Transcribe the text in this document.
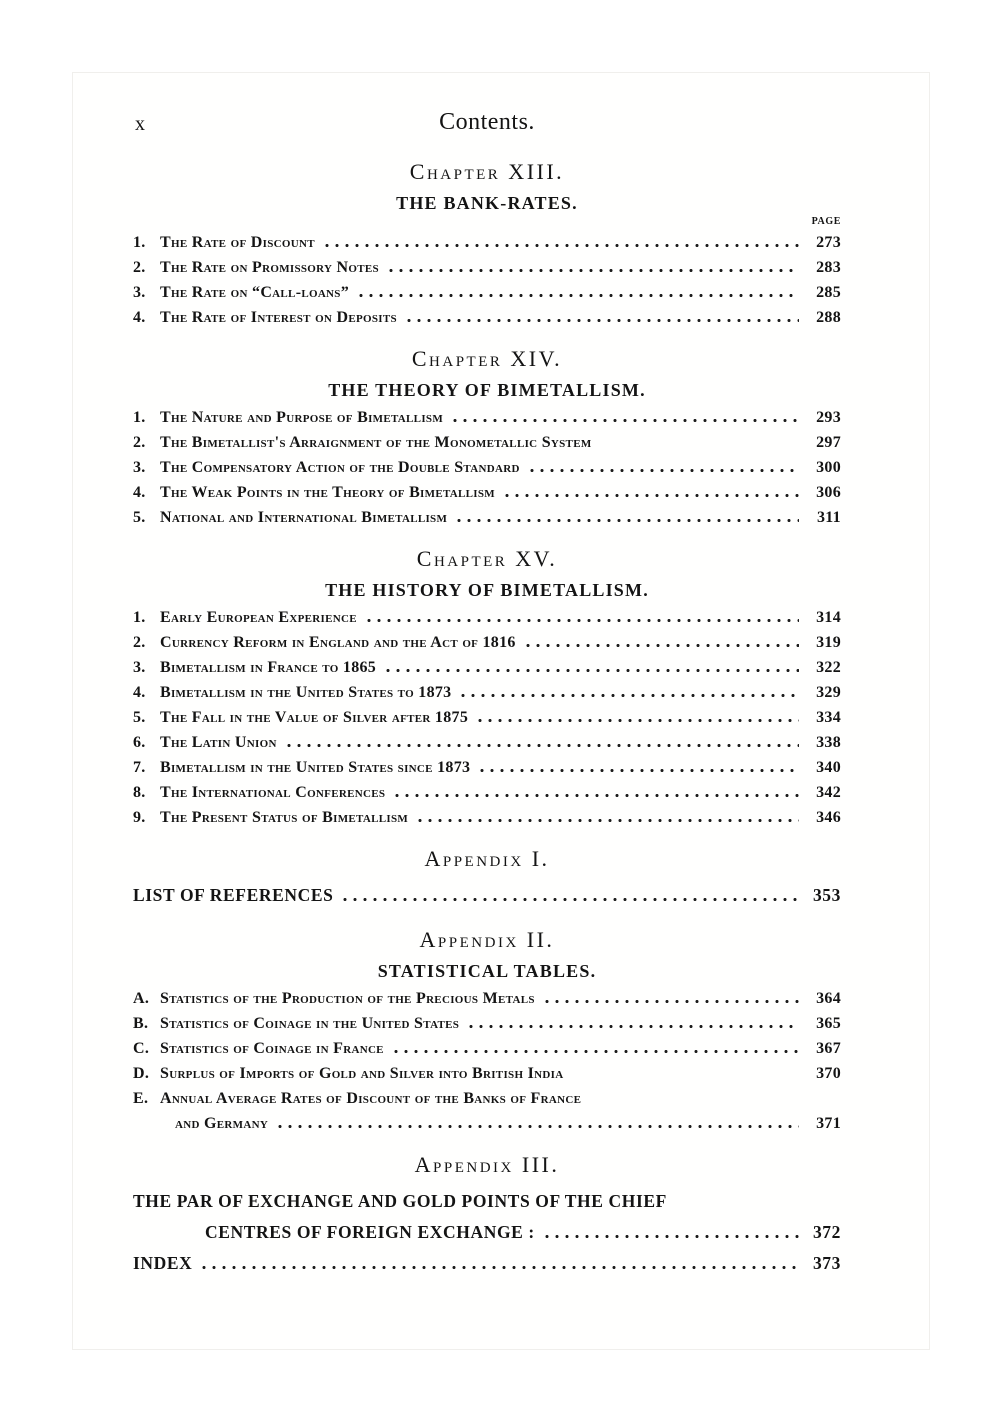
x	Contents.
Chapter XIII.
THE BANK-RATES.
PAGE
1. The Rate of Discount	273
2. The Rate on Promissory Notes	283
3. The Rate on “Call-loans”	285
4. The Rate of Interest on Deposits	288
Chapter XIV.
THE THEORY OF BIMETALLISM.
1. The Nature and Purpose of Bimetallism	293
2. The Bimetallist's Arraignment of the Monometallic System	297
3. The Compensatory Action of the Double Standard	300
4. The Weak Points in the Theory of Bimetallism	306
5. National and International Bimetallism	311
Chapter XV.
THE HISTORY OF BIMETALLISM.
1. Early European Experience	314
2. Currency Reform in England and the Act of 1816	319
3. Bimetallism in France to 1865	322
4. Bimetallism in the United States to 1873	329
5. The Fall in the Value of Silver after 1875	334
6. The Latin Union	338
7. Bimetallism in the United States since 1873	340
8. The International Conferences	342
9. The Present Status of Bimetallism	346
Appendix I.
LIST OF REFERENCES	353
Appendix II.
STATISTICAL TABLES.
A. Statistics of the Production of the Precious Metals	364
B. Statistics of Coinage in the United States	365
C. Statistics of Coinage in France	367
D. Surplus of Imports of Gold and Silver into British India	370
E. Annual Average Rates of Discount of the Banks of France
and Germany	371
Appendix III.
THE PAR OF EXCHANGE AND GOLD POINTS OF THE CHIEF
CENTRES OF FOREIGN EXCHANGE :	372
INDEX	373
